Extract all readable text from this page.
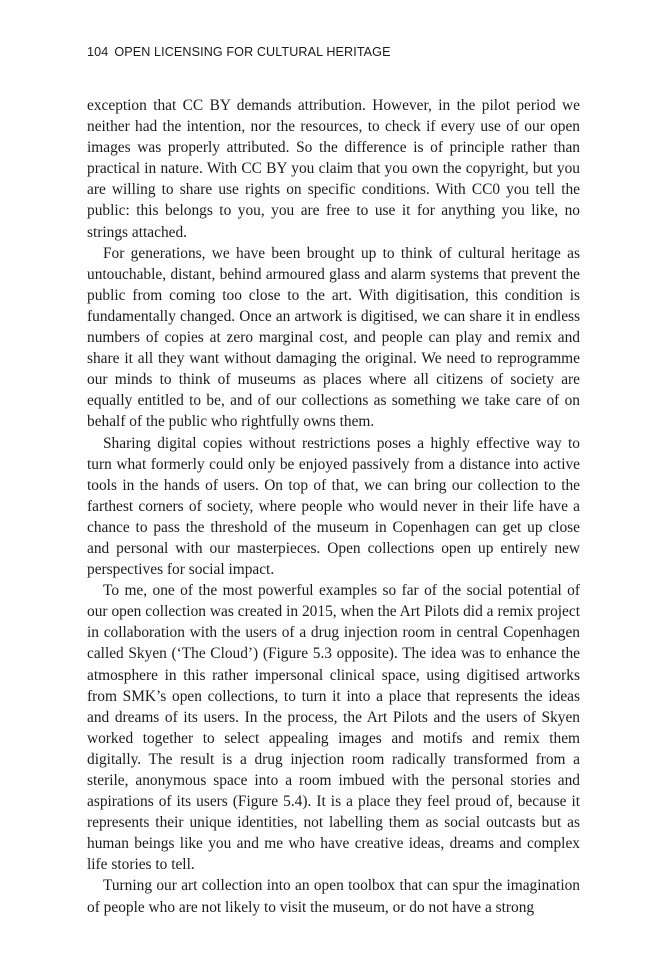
104 OPEN LICENSING FOR CULTURAL HERITAGE

exception that CC BY demands attribution. However, in the pilot period we neither had the intention, nor the resources, to check if every use of our open images was properly attributed. So the difference is of principle rather than practical in nature. With CC BY you claim that you own the copyright, but you are willing to share use rights on specific conditions. With CC0 you tell the public: this belongs to you, you are free to use it for anything you like, no strings attached.

For generations, we have been brought up to think of cultural heritage as untouchable, distant, behind armoured glass and alarm systems that prevent the public from coming too close to the art. With digitisation, this condition is fundamentally changed. Once an artwork is digitised, we can share it in endless numbers of copies at zero marginal cost, and people can play and remix and share it all they want without damaging the original. We need to reprogramme our minds to think of museums as places where all citizens of society are equally entitled to be, and of our collections as something we take care of on behalf of the public who rightfully owns them.

Sharing digital copies without restrictions poses a highly effective way to turn what formerly could only be enjoyed passively from a distance into active tools in the hands of users. On top of that, we can bring our collection to the farthest corners of society, where people who would never in their life have a chance to pass the threshold of the museum in Copenhagen can get up close and personal with our masterpieces. Open collections open up entirely new perspectives for social impact.

To me, one of the most powerful examples so far of the social potential of our open collection was created in 2015, when the Art Pilots did a remix project in collaboration with the users of a drug injection room in central Copenhagen called Skyen (‘The Cloud’) (Figure 5.3 opposite). The idea was to enhance the atmosphere in this rather impersonal clinical space, using digitised artworks from SMK’s open collections, to turn it into a place that represents the ideas and dreams of its users. In the process, the Art Pilots and the users of Skyen worked together to select appealing images and motifs and remix them digitally. The result is a drug injection room radically transformed from a sterile, anonymous space into a room imbued with the personal stories and aspirations of its users (Figure 5.4). It is a place they feel proud of, because it represents their unique identities, not labelling them as social outcasts but as human beings like you and me who have creative ideas, dreams and complex life stories to tell.

Turning our art collection into an open toolbox that can spur the imagination of people who are not likely to visit the museum, or do not have a strong
